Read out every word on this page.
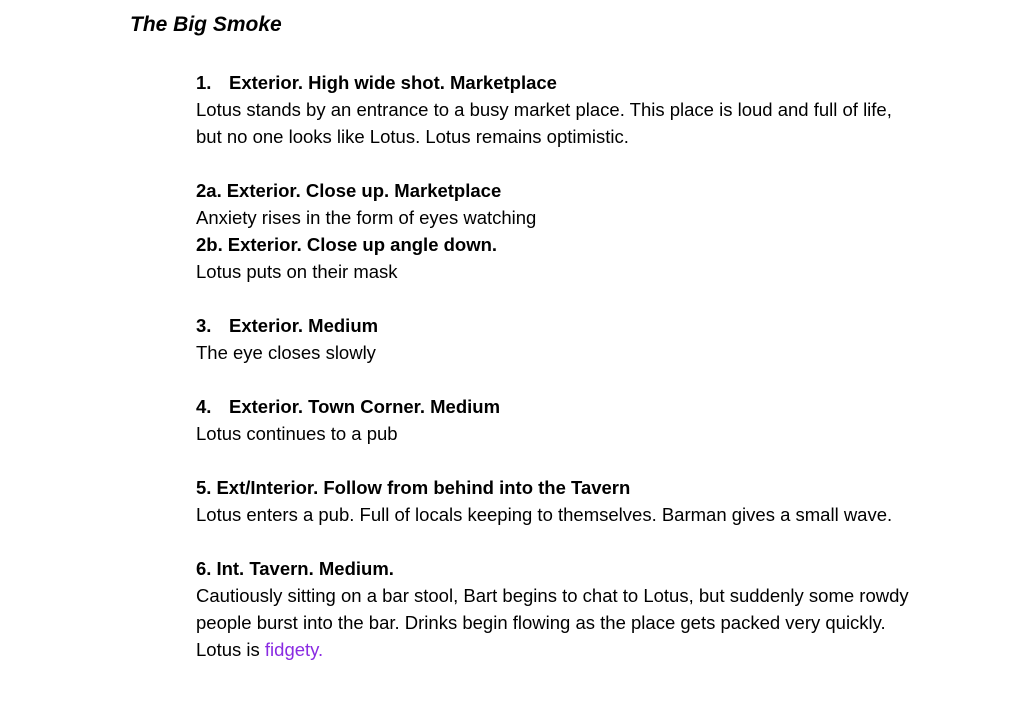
The Big Smoke
1. Exterior. High wide shot. Marketplace
Lotus stands by an entrance to a busy market place. This place is loud and full of life, but no one looks like Lotus. Lotus remains optimistic.
2a. Exterior. Close up. Marketplace
Anxiety rises in the form of eyes watching
2b. Exterior. Close up angle down.
Lotus puts on their mask
3. Exterior. Medium
The eye closes slowly
4. Exterior. Town Corner. Medium
Lotus continues to a pub
5. Ext/Interior. Follow from behind into the Tavern
Lotus enters a pub. Full of locals keeping to themselves. Barman gives a small wave.
6. Int. Tavern. Medium.
Cautiously sitting on a bar stool, Bart begins to chat to Lotus, but suddenly some rowdy people burst into the bar. Drinks begin flowing as the place gets packed very quickly. Lotus is fidgety.
